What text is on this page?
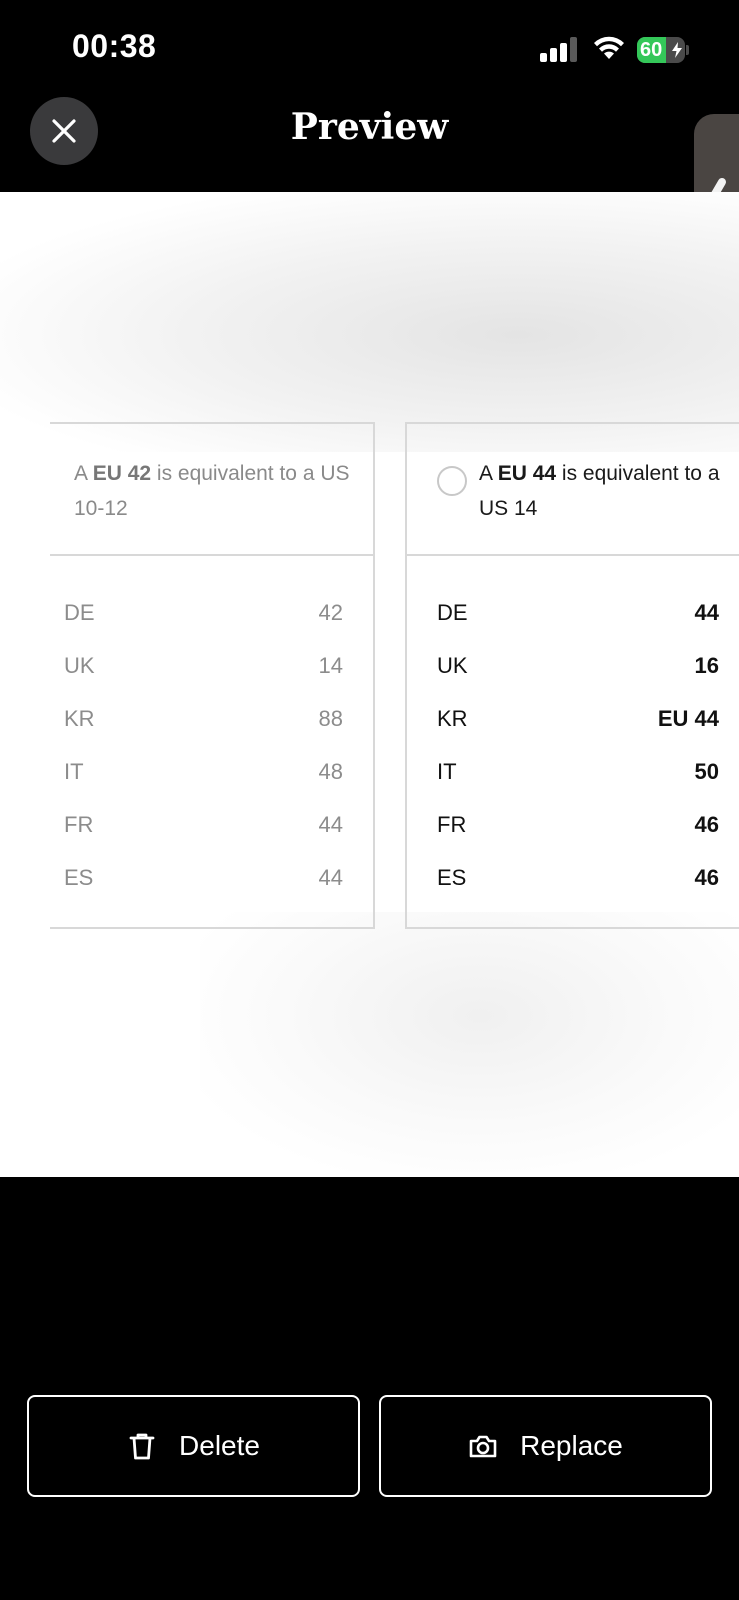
00:38	60
Preview
A EU 42 is equivalent to a US 10-12
DE	42
UK	14
KR	88
IT	48
FR	44
ES	44
A EU 44 is equivalent to a US 14
DE	44
UK	16
KR	EU 44
IT	50
FR	46
ES	46
Delete	Replace
